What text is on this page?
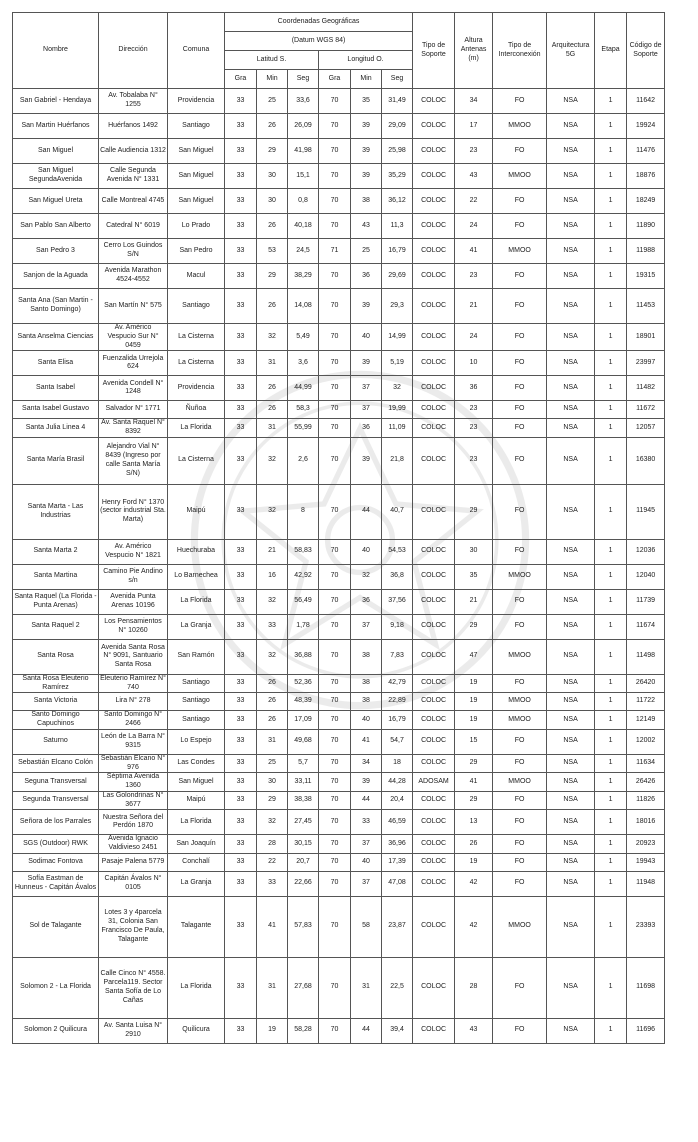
Nombre	Dirección	Comuna	Coordenadas Geográficas						Tipo de Soporte	Altura Antenas (m)	Tipo de Interconexión	Arquitectura 5G	Etapa	Código de Soporte
			(Datum WGS 84)											
			Latitud S.			Longitud O.								
			Gra	Min	Seg	Gra	Min	Seg						
San Gabriel - Hendaya	Av. Tobalaba N° 1255	Providencia	33	25	33,6	70	35	31,49	COLOC	34	FO	NSA	1	11642
San Martin Huérfanos	Huérfanos 1492	Santiago	33	26	26,09	70	39	29,09	COLOC	17	MMOO	NSA	1	19924
San Miguel	Calle Audiencia 1312	San Miguel	33	29	41,98	70	39	25,98	COLOC	23	FO	NSA	1	11476
San Miguel SegundaAvenida	Calle Segunda Avenida N° 1331	San Miguel	33	30	15,1	70	39	35,29	COLOC	43	MMOO	NSA	1	18876
San Miguel Ureta	Calle Montreal 4745	San Miguel	33	30	0,8	70	38	36,12	COLOC	22	FO	NSA	1	18249
San Pablo San Alberto	Catedral N° 6019	Lo Prado	33	26	40,18	70	43	11,3	COLOC	24	FO	NSA	1	11890
San Pedro 3	Cerro Los Guindos S/N	San Pedro	33	53	24,5	71	25	16,79	COLOC	41	MMOO	NSA	1	11988
Sanjon de la Aguada	Avenida Marathon 4524-4552	Macul	33	29	38,29	70	36	29,69	COLOC	23	FO	NSA	1	19315
Santa Ana (San Martin - Santo Domingo)	San Martín N° 575	Santiago	33	26	14,08	70	39	29,3	COLOC	21	FO	NSA	1	11453
Santa Anselma Ciencias	Av. Américo Vespucio Sur N° 0459	La Cisterna	33	32	5,49	70	40	14,99	COLOC	24	FO	NSA	1	18901
Santa Elisa	Fuenzalida Urrejola 624	La Cisterna	33	31	3,6	70	39	5,19	COLOC	10	FO	NSA	1	23997
Santa Isabel	Avenida Condell N° 1248	Providencia	33	26	44,99	70	37	32	COLOC	36	FO	NSA	1	11482
Santa Isabel Gustavo	Salvador N° 1771	Ñuñoa	33	26	58,3	70	37	19,99	COLOC	23	FO	NSA	1	11672
Santa Julia Linea 4	Av. Santa Raquel N° 8392	La Florida	33	31	55,99	70	36	11,09	COLOC	23	FO	NSA	1	12057
Santa María Brasil	Alejandro Vial N° 8439 (Ingreso por calle Santa María S/N)	La Cisterna	33	32	2,6	70	39	21,8	COLOC	23	FO	NSA	1	16380
Santa Marta - Las Industrias	Henry Ford N° 1370 (sector industrial Sta. Marta)	Maipú	33	32	8	70	44	40,7	COLOC	29	FO	NSA	1	11945
Santa Marta 2	Av. Américo Vespucio N° 1821	Huechuraba	33	21	58,83	70	40	54,53	COLOC	30	FO	NSA	1	12036
Santa Martina	Camino Pie Andino s/n	Lo Barnechea	33	16	42,92	70	32	36,8	COLOC	35	MMOO	NSA	1	12040
Santa Raquel (La Florida - Punta Arenas)	Avenida Punta Arenas 10196	La Florida	33	32	56,49	70	36	37,56	COLOC	21	FO	NSA	1	11739
Santa Raquel 2	Los Pensamientos N° 10260	La Granja	33	33	1,78	70	37	9,18	COLOC	29	FO	NSA	1	11674
Santa Rosa	Avenida Santa Rosa N° 9091, Santuario Santa Rosa	San Ramón	33	32	36,88	70	38	7,83	COLOC	47	MMOO	NSA	1	11498
Santa Rosa Eleuterio Ramírez	Eleuterio Ramírez N° 740	Santiago	33	26	52,36	70	38	42,79	COLOC	19	FO	NSA	1	26420
Santa Victoria	Lira N° 278	Santiago	33	26	48,39	70	38	22,89	COLOC	19	MMOO	NSA	1	11722
Santo Domingo Capuchinos	Santo Domingo N° 2466	Santiago	33	26	17,09	70	40	16,79	COLOC	19	MMOO	NSA	1	12149
Saturno	León de La Barra N° 9315	Lo Espejo	33	31	49,68	70	41	54,7	COLOC	15	FO	NSA	1	12002
Sebastián Elcano Colón	Sebastián Elcano N° 976	Las Condes	33	25	5,7	70	34	18	COLOC	29	FO	NSA	1	11634
Seguna Transversal	Séptima Avenida 1360	San Miguel	33	30	33,11	70	39	44,28	ADOSAM	41	MMOO	NSA	1	26426
Segunda Transversal	Las Golondrinas N° 3677	Maipú	33	29	38,38	70	44	20,4	COLOC	29	FO	NSA	1	11826
Señora de los Parrales	Nuestra Señora del Perdón 1870	La Florida	33	32	27,45	70	33	46,59	COLOC	13	FO	NSA	1	18016
SGS (Outdoor) RWK	Avenida Ignacio Valdivieso 2451	San Joaquín	33	28	30,15	70	37	36,96	COLOC	26	FO	NSA	1	20923
Sodimac Fontova	Pasaje Palena 5779	Conchalí	33	22	20,7	70	40	17,39	COLOC	19	FO	NSA	1	19943
Sofía Eastman de Hunneus - Capitán Ávalos	Capitán Ávalos N° 0105	La Granja	33	33	22,66	70	37	47,08	COLOC	42	FO	NSA	1	11948
Sol de Talagante	Lotes 3 y 4parcela 31, Colonia San Francisco De Paula, Talagante	Talagante	33	41	57,83	70	58	23,87	COLOC	42	MMOO	NSA	1	23393
Solomon 2 - La Florida	Calle Cinco N° 4558. Parcela119. Sector Santa Sofía de Lo Cañas	La Florida	33	31	27,68	70	31	22,5	COLOC	28	FO	NSA	1	11698
Solomon 2 Quilicura	Av. Santa Luisa N° 2910	Quilicura	33	19	58,28	70	44	39,4	COLOC	43	FO	NSA	1	11696
